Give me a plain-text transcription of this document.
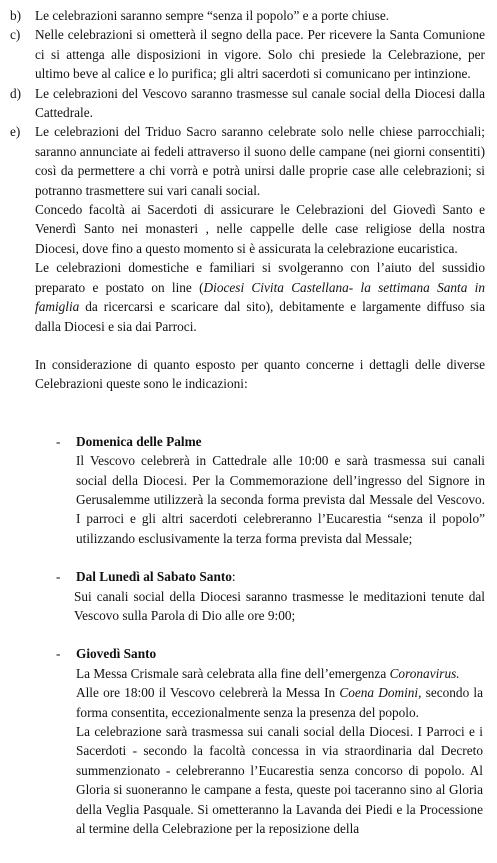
b) Le celebrazioni saranno sempre “senza il popolo” e a porte chiuse.
c) Nelle celebrazioni si ometterà il segno della pace. Per ricevere la Santa Comunione ci si attenga alle disposizioni in vigore. Solo chi presiede la Celebrazione, per ultimo beve al calice e lo purifica; gli altri sacerdoti si comunicano per intinzione.
d) Le celebrazioni del Vescovo saranno trasmesse sul canale social della Diocesi dalla Cattedrale.
e) Le celebrazioni del Triduo Sacro saranno celebrate solo nelle chiese parrocchiali; saranno annunciate ai fedeli attraverso il suono delle campane (nei giorni consentiti) così da permettere a chi vorrà e potrà unirsi dalle proprie case alle celebrazioni; si potranno trasmettere sui vari canali social.
Concedo facoltà ai Sacerdoti di assicurare le Celebrazioni del Giovedì Santo e Venerdì Santo nei monasteri , nelle cappelle delle case religiose della nostra Diocesi, dove fino a questo momento si è assicurata la celebrazione eucaristica.
Le celebrazioni domestiche e familiari si svolgeranno con l’aiuto del sussidio preparato e postato on line (Diocesi Civita Castellana- la settimana Santa in famiglia da ricercarsi e scaricare dal sito), debitamente e largamente diffuso sia dalla Diocesi e sia dai Parroci.
In considerazione di quanto esposto per quanto concerne i dettagli delle diverse Celebrazioni queste sono le indicazioni:
-	Domenica delle Palme
Il Vescovo celebrerà in Cattedrale alle 10:00 e sarà trasmessa sui canali social della Diocesi. Per la Commemorazione dell’ingresso del Signore in Gerusalemme utilizzerà la seconda forma prevista dal Messale del Vescovo. I parroci e gli altri sacerdoti celebreranno l’Eucarestia “senza il popolo” utilizzando esclusivamente la terza forma prevista dal Messale;
-	Dal Lunedì al Sabato Santo:
Sui canali social della Diocesi saranno trasmesse le meditazioni tenute dal Vescovo sulla Parola di Dio alle ore 9:00;
-	Giovedì Santo
La Messa Crismale sarà celebrata alla fine dell’emergenza Coronavirus.
Alle ore 18:00 il Vescovo celebrerà la Messa In Coena Domini, secondo la forma consentita, eccezionalmente senza la presenza del popolo.
La celebrazione sarà trasmessa sui canali social della Diocesi. I Parroci e i Sacerdoti - secondo la facoltà concessa in via straordinaria dal Decreto summenzionato - celebreranno l’Eucarestia senza concorso di popolo. Al Gloria si suoneranno le campane a festa, queste poi taceranno sino al Gloria della Veglia Pasquale. Si ometteranno la Lavanda dei Piedi e la Processione al termine della Celebrazione per la reposizione della
